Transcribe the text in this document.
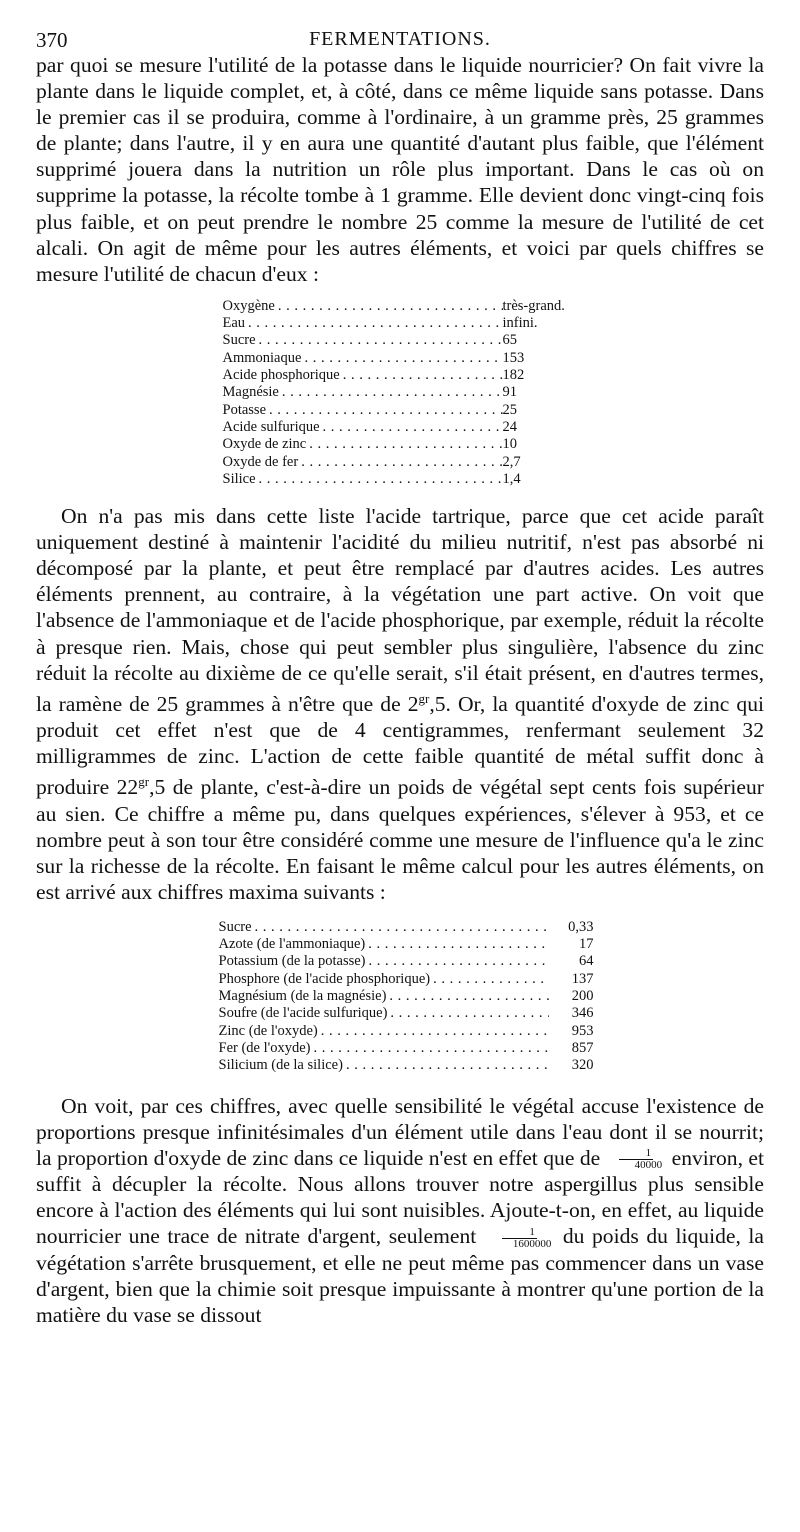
370	FERMENTATIONS.

par quoi se mesure l'utilité de la potasse dans le liquide nourricier? On fait vivre la plante dans le liquide complet, et, à côté, dans ce même liquide sans potasse. Dans le premier cas il se produira, comme à l'ordinaire, à un gramme près, 25 grammes de plante; dans l'autre, il y en aura une quantité d'autant plus faible, que l'élément supprimé jouera dans la nutrition un rôle plus important. Dans le cas où on supprime la potasse, la récolte tombe à 1 gramme. Elle devient donc vingt-cinq fois plus faible, et on peut prendre le nombre 25 comme la mesure de l'utilité de cet alcali. On agit de même pour les autres éléments, et voici par quels chiffres se mesure l'utilité de chacun d'eux :

Oxygène . . .	très-grand.
Eau . . .	infini.
Sucre . . .	65
Ammoniaque . . .	153
Acide phosphorique . . .	182
Magnésie . . .	91
Potasse . . .	25
Acide sulfurique . . .	24
Oxyde de zinc . . .	10
Oxyde de fer . . .	2,7
Silice . . .	1,4

On n'a pas mis dans cette liste l'acide tartrique, parce que cet acide paraît uniquement destiné à maintenir l'acidité du milieu nutritif, n'est pas absorbé ni décomposé par la plante, et peut être remplacé par d'autres acides. Les autres éléments prennent, au contraire, à la végétation une part active. On voit que l'absence de l'ammoniaque et de l'acide phosphorique, par exemple, réduit la récolte à presque rien. Mais, chose qui peut sembler plus singulière, l'absence du zinc réduit la récolte au dixième de ce qu'elle serait, s'il était présent, en d'autres termes, la ramène de 25 grammes à n'être que de $2^{gr},5$. Or, la quantité d'oxyde de zinc qui produit cet effet n'est que de 4 centigrammes, renfermant seulement 32 milligrammes de zinc. L'action de cette faible quantité de métal suffit donc à produire $22^{gr},5$ de plante, c'est-à-dire un poids de végétal sept cents fois supérieur au sien. Ce chiffre a même pu, dans quelques expériences, s'élever à 953, et ce nombre peut à son tour être considéré comme une mesure de l'influence qu'a le zinc sur la richesse de la récolte. En faisant le même calcul pour les autres éléments, on est arrivé aux chiffres maxima suivants :

Sucre . . .	0,33
Azote (de l'ammoniaque) . . .	17
Potassium (de la potasse) . . .	64
Phosphore (de l'acide phosphorique) . . .	137
Magnésium (de la magnésie) . . .	200
Soufre (de l'acide sulfurique) . . .	346
Zinc (de l'oxyde) . . .	953
Fer (de l'oxyde) . . .	857
Silicium (de la silice) . . .	320

On voit, par ces chiffres, avec quelle sensibilité le végétal accuse l'existence de proportions presque infinitésimales d'un élément utile dans l'eau dont il se nourrit; la proportion d'oxyde de zinc dans ce liquide n'est en effet que de $\frac{1}{40000}$ environ, et suffit à décupler la récolte. Nous allons trouver notre aspergillus plus sensible encore à l'action des éléments qui lui sont nuisibles. Ajoute-t-on, en effet, au liquide nourricier une trace de nitrate d'argent, seulement $\frac{1}{1600000}$ du poids du liquide, la végétation s'arrête brusquement, et elle ne peut même pas commencer dans un vase d'argent, bien que la chimie soit presque impuissante à montrer qu'une portion de la matière du vase se dissout
